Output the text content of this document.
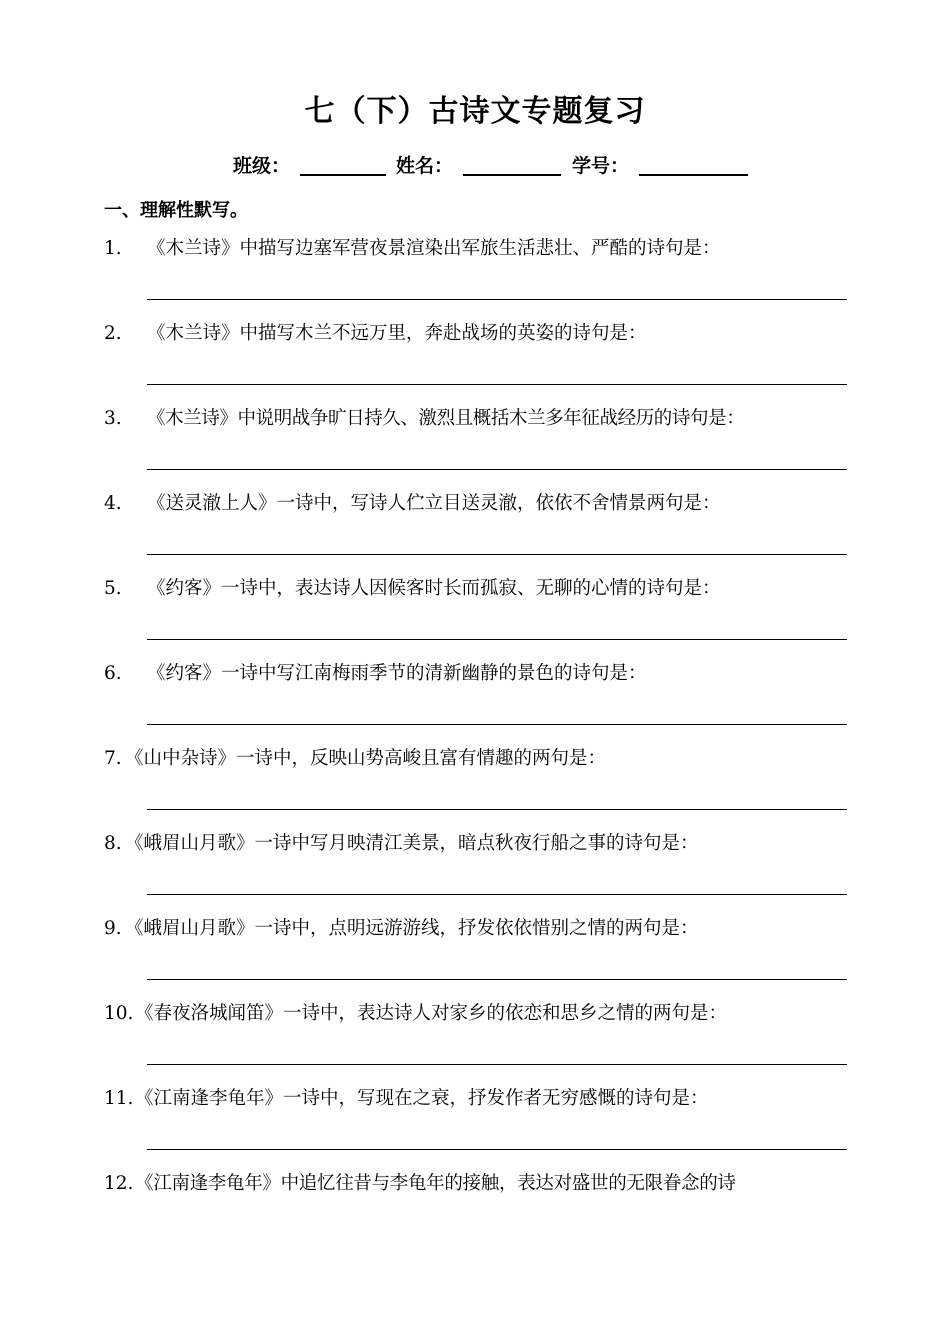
七（下）古诗文专题复习
班级：	姓名：	学号：
一、理解性默写。
1. 《木兰诗》中描写边塞军营夜景渲染出军旅生活悲壮、严酷的诗句是：
2. 《木兰诗》中描写木兰不远万里，奔赴战场的英姿的诗句是：
3. 《木兰诗》中说明战争旷日持久、激烈且概括木兰多年征战经历的诗句是：
4. 《送灵澈上人》一诗中，写诗人伫立目送灵澈，依依不舍情景两句是：
5. 《约客》一诗中，表达诗人因候客时长而孤寂、无聊的心情的诗句是：
6. 《约客》一诗中写江南梅雨季节的清新幽静的景色的诗句是：
7. 《山中杂诗》一诗中，反映山势高峻且富有情趣的两句是：
8. 《峨眉山月歌》一诗中写月映清江美景，暗点秋夜行船之事的诗句是：
9. 《峨眉山月歌》一诗中，点明远游游线，抒发依依惜别之情的两句是：
10.《春夜洛城闻笛》一诗中，表达诗人对家乡的依恋和思乡之情的两句是：
11.《江南逢李龟年》一诗中，写现在之衰，抒发作者无穷感慨的诗句是：
12.《江南逢李龟年》中追忆往昔与李龟年的接触，表达对盛世的无限眷念的诗
